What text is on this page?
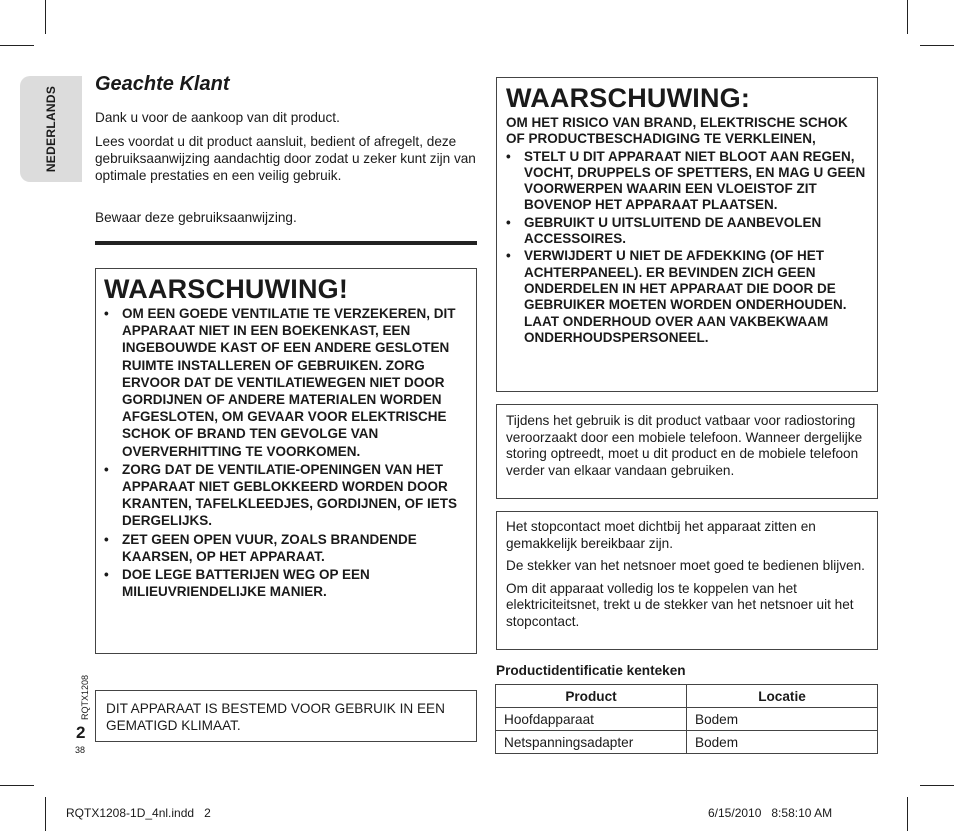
NEDERLANDS
Geachte Klant

Dank u voor de aankoop van dit product.

Lees voordat u dit product aansluit, bedient of afregelt, deze gebruiksaanwijzing aandachtig door zodat u zeker kunt zijn van optimale prestaties en een veilig gebruik.

Bewaar deze gebruiksaanwijzing.

WAARSCHUWING!
• OM EEN GOEDE VENTILATIE TE VERZEKEREN, DIT APPARAAT NIET IN EEN BOEKENKAST, EEN INGEBOUWDE KAST OF EEN ANDERE GESLOTEN RUIMTE INSTALLEREN OF GEBRUIKEN. ZORG ERVOOR DAT DE VENTILATIEWEGEN NIET DOOR GORDIJNEN OF ANDERE MATERIALEN WORDEN AFGESLOTEN, OM GEVAAR VOOR ELEKTRISCHE SCHOK OF BRAND TEN GEVOLGE VAN OVERVERHITTING TE VOORKOMEN.
• ZORG DAT DE VENTILATIE-OPENINGEN VAN HET APPARAAT NIET GEBLOKKEERD WORDEN DOOR KRANTEN, TAFELKLEEDJES, GORDIJNEN, OF IETS DERGELIJKS.
• ZET GEEN OPEN VUUR, ZOALS BRANDENDE KAARSEN, OP HET APPARAAT.
• DOE LEGE BATTERIJEN WEG OP EEN MILIEUVRIENDELIJKE MANIER.

DIT APPARAAT IS BESTEMD VOOR GEBRUIK IN EEN GEMATIGD KLIMAAT.

RQTX1208
2
38
WAARSCHUWING:

OM HET RISICO VAN BRAND, ELEKTRISCHE SCHOK OF PRODUCTBESCHADIGING TE VERKLEINEN,

• STELT U DIT APPARAAT NIET BLOOT AAN REGEN, VOCHT, DRUPPELS OF SPETTERS, EN MAG U GEEN VOORWERPEN WAARIN EEN VLOEISTOF ZIT BOVENOP HET APPARAAT PLAATSEN.
• GEBRUIKT U UITSLUITEND DE AANBEVOLEN ACCESSOIRES.
• VERWIJDERT U NIET DE AFDEKKING (OF HET ACHTERPANEEL). ER BEVINDEN ZICH GEEN ONDERDELEN IN HET APPARAAT DIE DOOR DE GEBRUIKER MOETEN WORDEN ONDERHOUDEN. LAAT ONDERHOUD OVER AAN VAKBEKWAAM ONDERHOUDSPERSONEEL.

Tijdens het gebruik is dit product vatbaar voor radiostoring veroorzaakt door een mobiele telefoon. Wanneer dergelijke storing optreedt, moet u dit product en de mobiele telefoon verder van elkaar vandaan gebruiken.

Het stopcontact moet dichtbij het apparaat zitten en gemakkelijk bereikbaar zijn.

De stekker van het netsnoer moet goed te bedienen blijven.

Om dit apparaat volledig los te koppelen van het elektriciteitsnet, trekt u de stekker van het netsnoer uit het stopcontact.

Productidentificatie kenteken
Product	Locatie
Hoofdapparaat	Bodem
Netspanningsadapter	Bodem
RQTX1208-1D_4nl.indd   2	6/15/2010   8:58:10 AM
